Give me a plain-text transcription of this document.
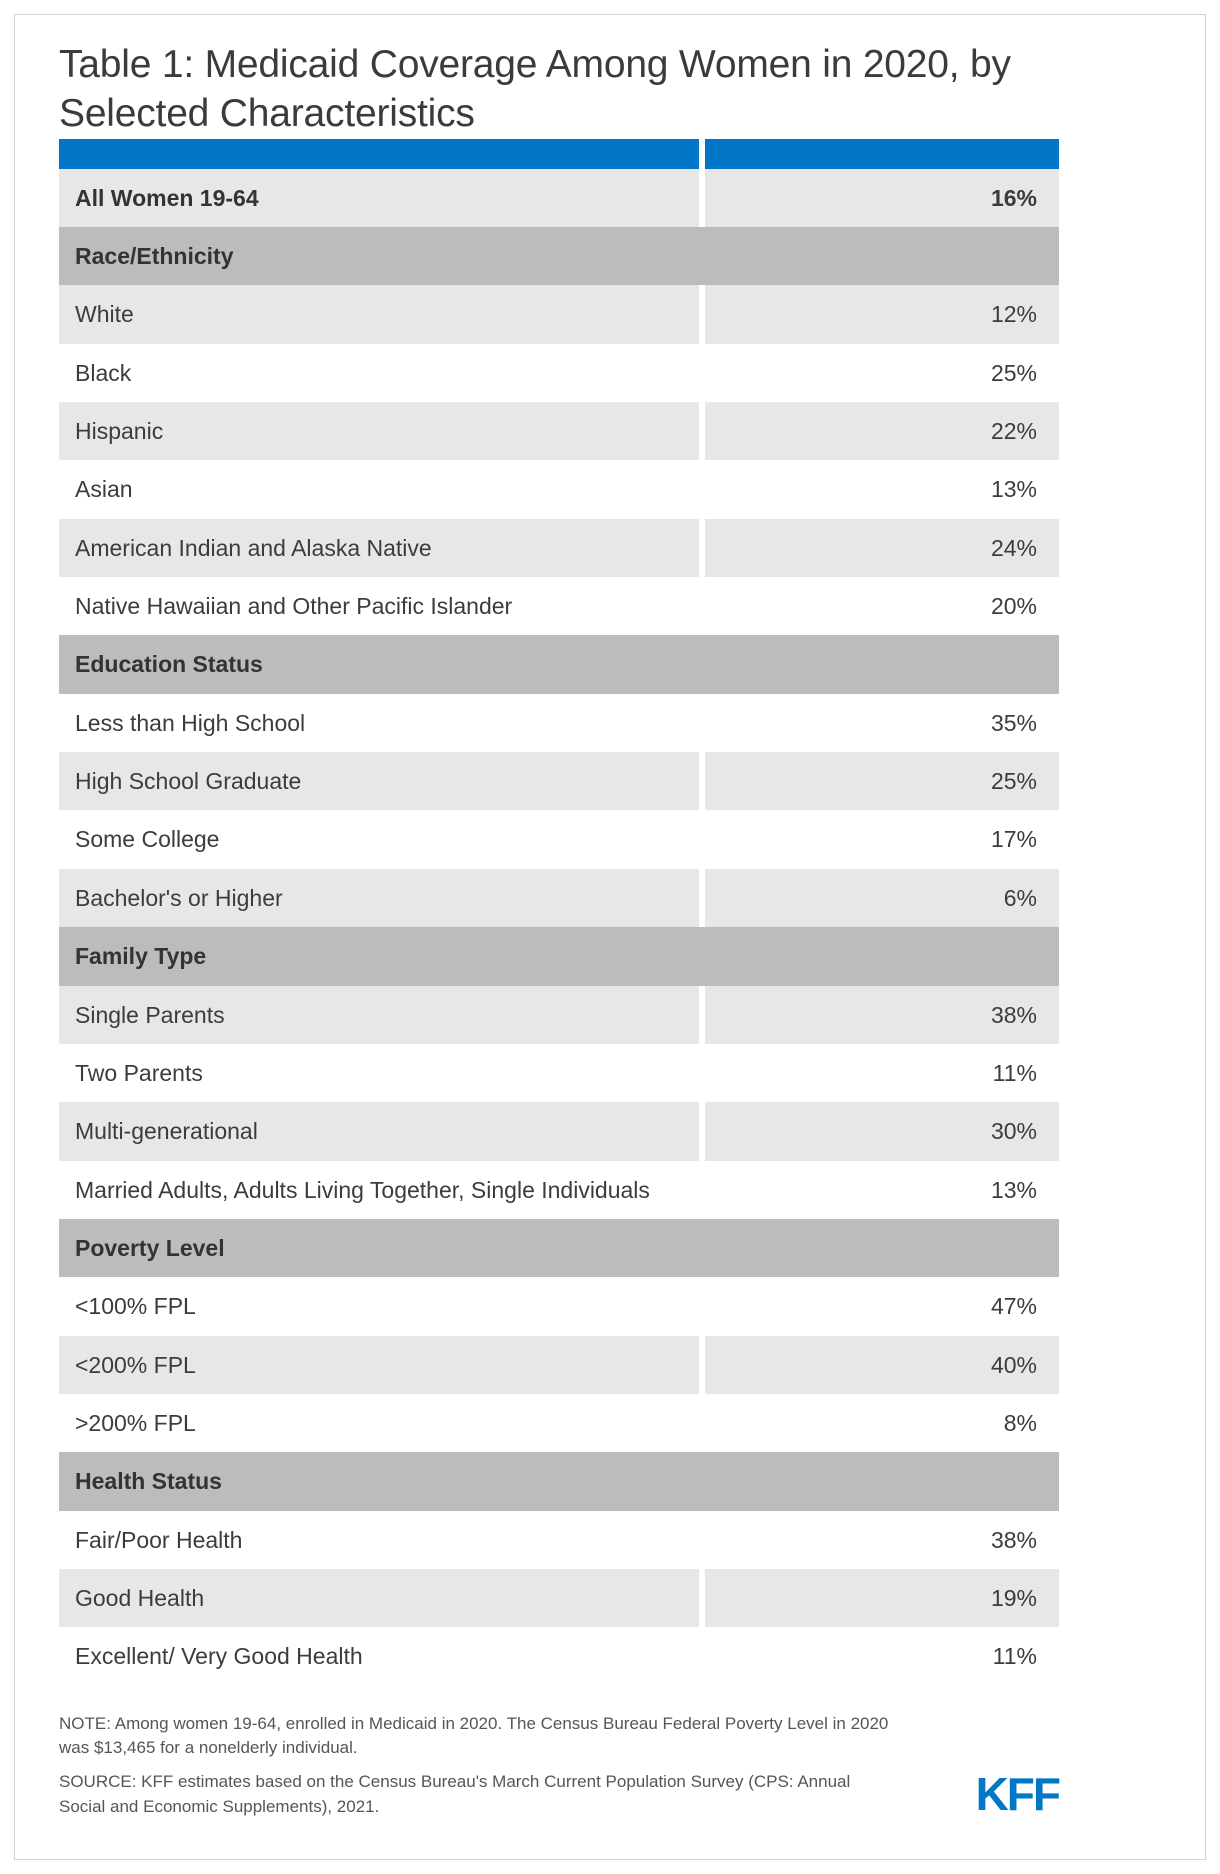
Table 1: Medicaid Coverage Among Women in 2020, by Selected Characteristics
All Women 19-64	16%
Race/Ethnicity
White	12%
Black	25%
Hispanic	22%
Asian	13%
American Indian and Alaska Native	24%
Native Hawaiian and Other Pacific Islander	20%
Education Status
Less than High School	35%
High School Graduate	25%
Some College	17%
Bachelor's or Higher	6%
Family Type
Single Parents	38%
Two Parents	11%
Multi-generational	30%
Married Adults, Adults Living Together, Single Individuals	13%
Poverty Level
<100% FPL	47%
<200% FPL	40%
>200% FPL	8%
Health Status
Fair/Poor Health	38%
Good Health	19%
Excellent/ Very Good Health	11%

NOTE: Among women 19-64, enrolled in Medicaid in 2020. The Census Bureau Federal Poverty Level in 2020 was $13,465 for a nonelderly individual.

SOURCE: KFF estimates based on the Census Bureau's March Current Population Survey (CPS: Annual Social and Economic Supplements), 2021.	KFF
